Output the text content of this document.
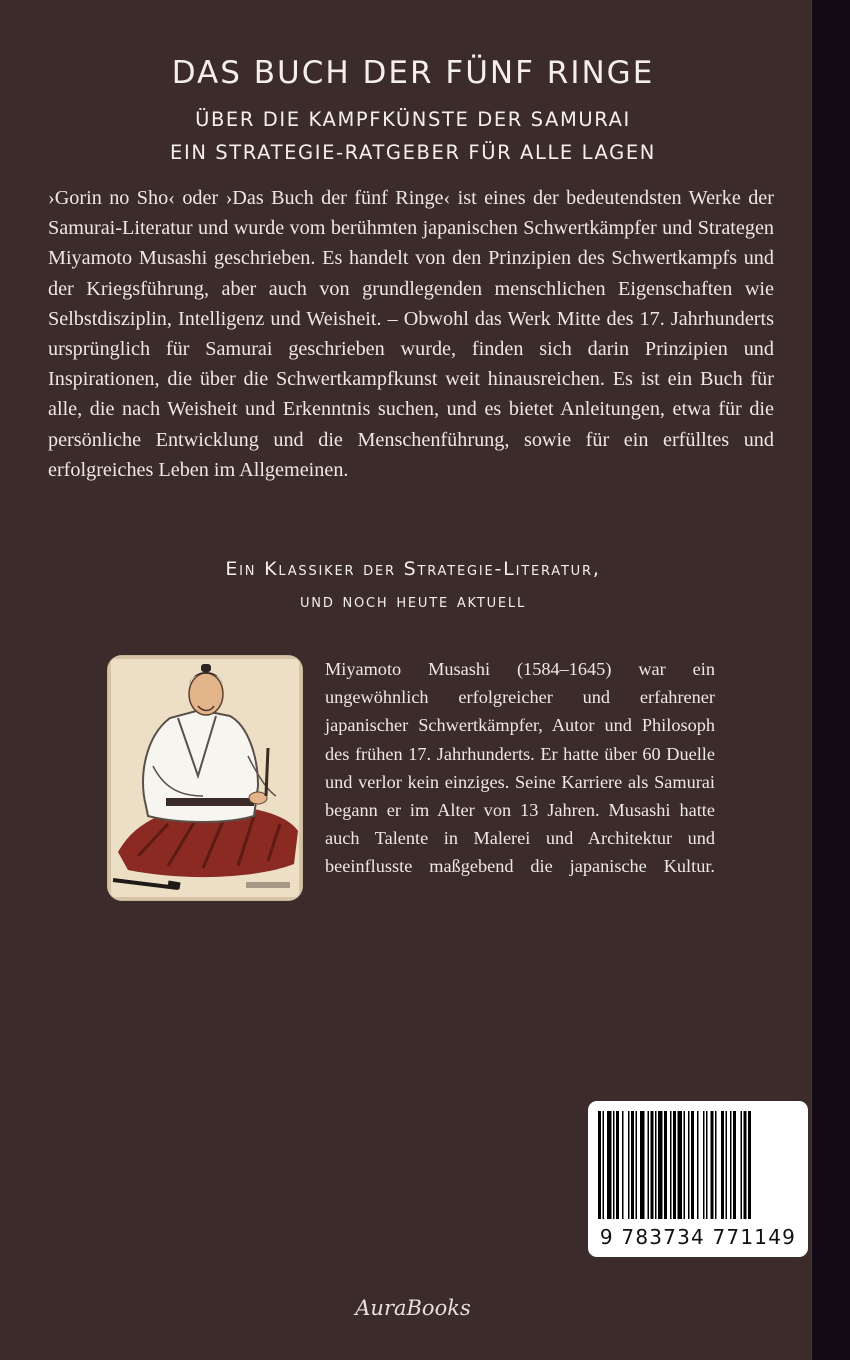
DAS BUCH DER FÜNF RINGE
ÜBER DIE KAMPFKÜNSTE DER SAMURAI
EIN STRATEGIE-RATGEBER FÜR ALLE LAGEN
›Gorin no Sho‹ oder ›Das Buch der fünf Ringe‹ ist eines der bedeutendsten Werke der Samurai-Literatur und wurde vom berühmten japanischen Schwertkämpfer und Strategen Miyamoto Musashi geschrieben. Es handelt von den Prinzipien des Schwertkampfs und der Kriegsführung, aber auch von grundlegenden menschlichen Eigenschaften wie Selbstdisziplin, Intelligenz und Weisheit. – Obwohl das Werk Mitte des 17. Jahrhunderts ursprünglich für Samurai geschrieben wurde, finden sich darin Prinzipien und Inspirationen, die über die Schwertkampfkunst weit hinausreichen. Es ist ein Buch für alle, die nach Weisheit und Erkenntnis suchen, und es bietet Anleitungen, etwa für die persönliche Entwicklung und die Menschenführung, sowie für ein erfülltes und erfolgreiches Leben im Allgemeinen.
Ein Klassiker der Strategie-Literatur,
und noch heute aktuell
Miyamoto Musashi (1584–1645) war ein ungewöhnlich erfolgreicher und erfahrener japanischer Schwertkämpfer, Autor und Philosoph des frühen 17. Jahrhunderts. Er hatte über 60 Duelle und verlor kein einziges. Seine Karriere als Samurai begann er im Alter von 13 Jahren. Musashi hatte auch Talente in Malerei und Architektur und beeinflusste maßgebend die japanische Kultur.
9 783734 771149
AuraBooks
